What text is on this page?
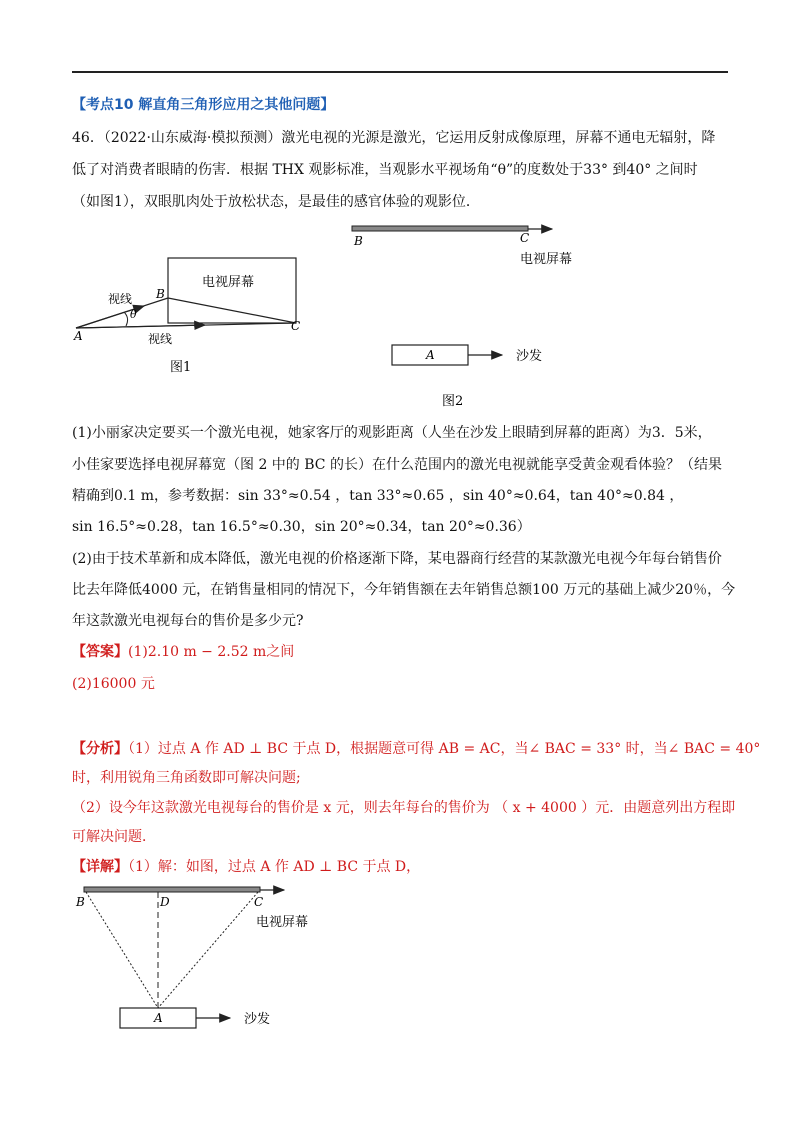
【考点10 解直角三角形应用之其他问题】
46．（2022·山东威海·模拟预测）激光电视的光源是激光，它运用反射成像原理，屏幕不通电无辐射，降
低了对消费者眼睛的伤害．根据 THX 观影标准，当观影水平视场角“θ”的度数处于33° 到40° 之间时
（如图1），双眼肌肉处于放松状态，是最佳的感官体验的观影位．
电视屏幕
视线
视线
A
B
C
θ
图1
B	C
电视屏幕
A	沙发
图2
(1)小丽家决定要买一个激光电视，她家客厅的观影距离（人坐在沙发上眼睛到屏幕的距离）为3．5米，
小佳家要选择电视屏幕宽（图 2 中的 BC 的长）在什么范围内的激光电视就能享受黄金观看体验？（结果
精确到0.1 m，参考数据：sin 33°≈0.54 ，tan 33°≈0.65 ，sin 40°≈0.64，tan 40°≈0.84 ，
sin 16.5°≈0.28，tan 16.5°≈0.30，sin 20°≈0.34，tan 20°≈0.36）
(2)由于技术革新和成本降低，激光电视的价格逐渐下降，某电器商行经营的某款激光电视今年每台销售价
比去年降低4000 元，在销售量相同的情况下，今年销售额在去年销售总额100 万元的基础上减少20％，今
年这款激光电视每台的售价是多少元?
【答案】(1)2.10 m − 2.52 m之间
(2)16000 元
【分析】（1）过点 A 作 AD ⊥ BC 于点 D，根据题意可得 AB = AC，当∠ BAC = 33° 时，当∠ BAC = 40°
时，利用锐角三角函数即可解决问题;
（2）设今年这款激光电视每台的售价是 x 元，则去年每台的售价为 （ x + 4000 ）元．由题意列出方程即
可解决问题．
【详解】（1）解：如图，过点 A 作 AD ⊥ BC 于点 D，
B	D	C
电视屏幕
A	沙发
